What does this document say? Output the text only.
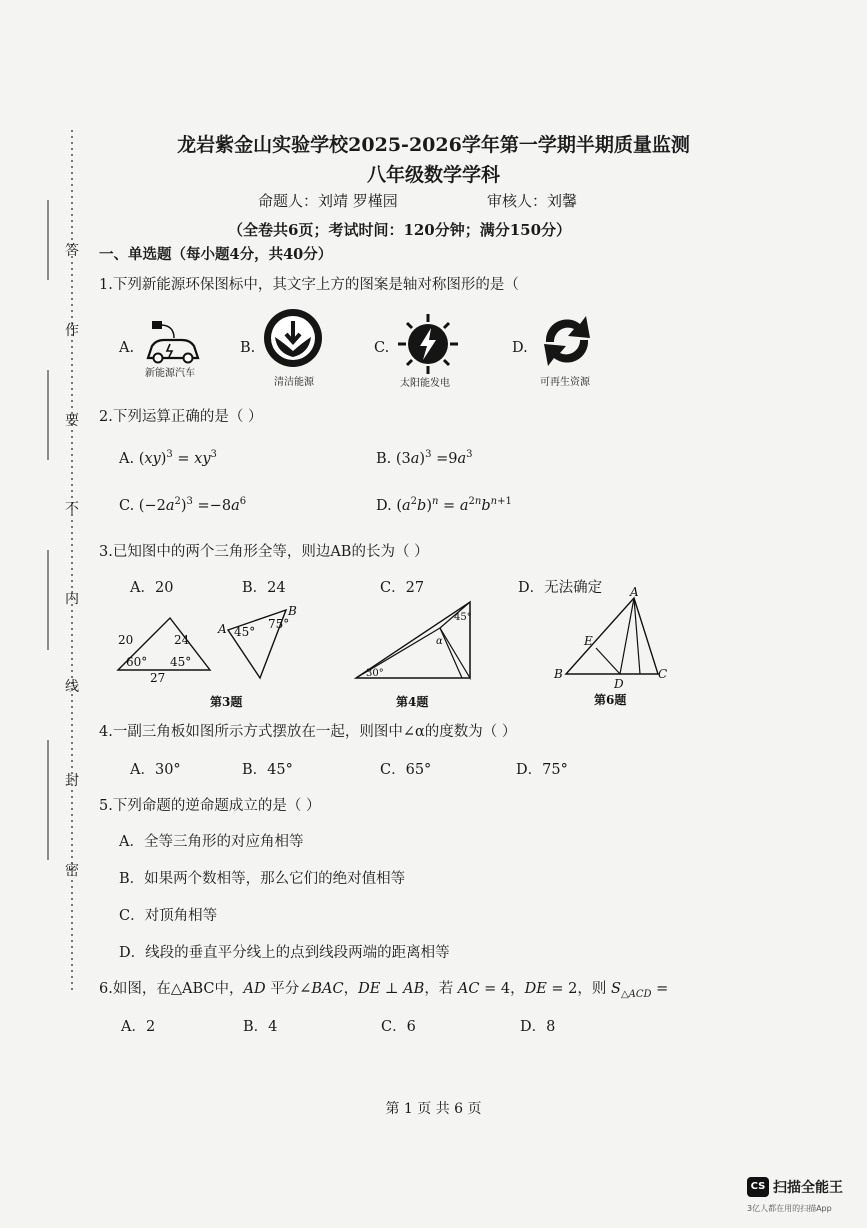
答
作
要
不
内
线
封
密
龙岩紫金山实验学校2025-2026学年第一学期半期质量监测
八年级数学学科
命题人：刘靖 罗槿园	审核人：刘馨
（全卷共6页；考试时间：120分钟；满分150分）
一、单选题（每小题4分，共40分）
1.下列新能源环保图标中，其文字上方的图案是轴对称图形的是（
A.
新能源汽车
B.
清洁能源
C.
太阳能发电
D.
可再生资源
2.下列运算正确的是（ ）
A. $(xy)^3 = xy^3$	B. $(3a)^3 =9a^3$
C. $(-2a^2)^3 =-8a^6$	D. $(a^2b)^n = a^{2n}b^{n+1}$
3.已知图中的两个三角形全等，则边AB的长为（ ）
A．20	B．24	C．27	D．无法确定
20	24
27
60° 45°
A
B
45°
75°
第3题
30°
45°
α
第4题
A
B	C
D
E
第6题
4.一副三角板如图所示方式摆放在一起，则图中∠α的度数为（ ）
A．30°	B．45°	C．65°	D．75°
5.下列命题的逆命题成立的是（ ）
A．全等三角形的对应角相等
B．如果两个数相等，那么它们的绝对值相等
C．对顶角相等
D．线段的垂直平分线上的点到线段两端的距离相等
6.如图，在△ABC中，AD 平分∠BAC，DE ⊥ AB，若 AC = 4，DE = 2，则 $S_{\triangle ACD}$ =
A．2	B．4	C．6	D．8
第 1 页 共 6 页
CS 扫描全能王
3亿人都在用的扫描App
